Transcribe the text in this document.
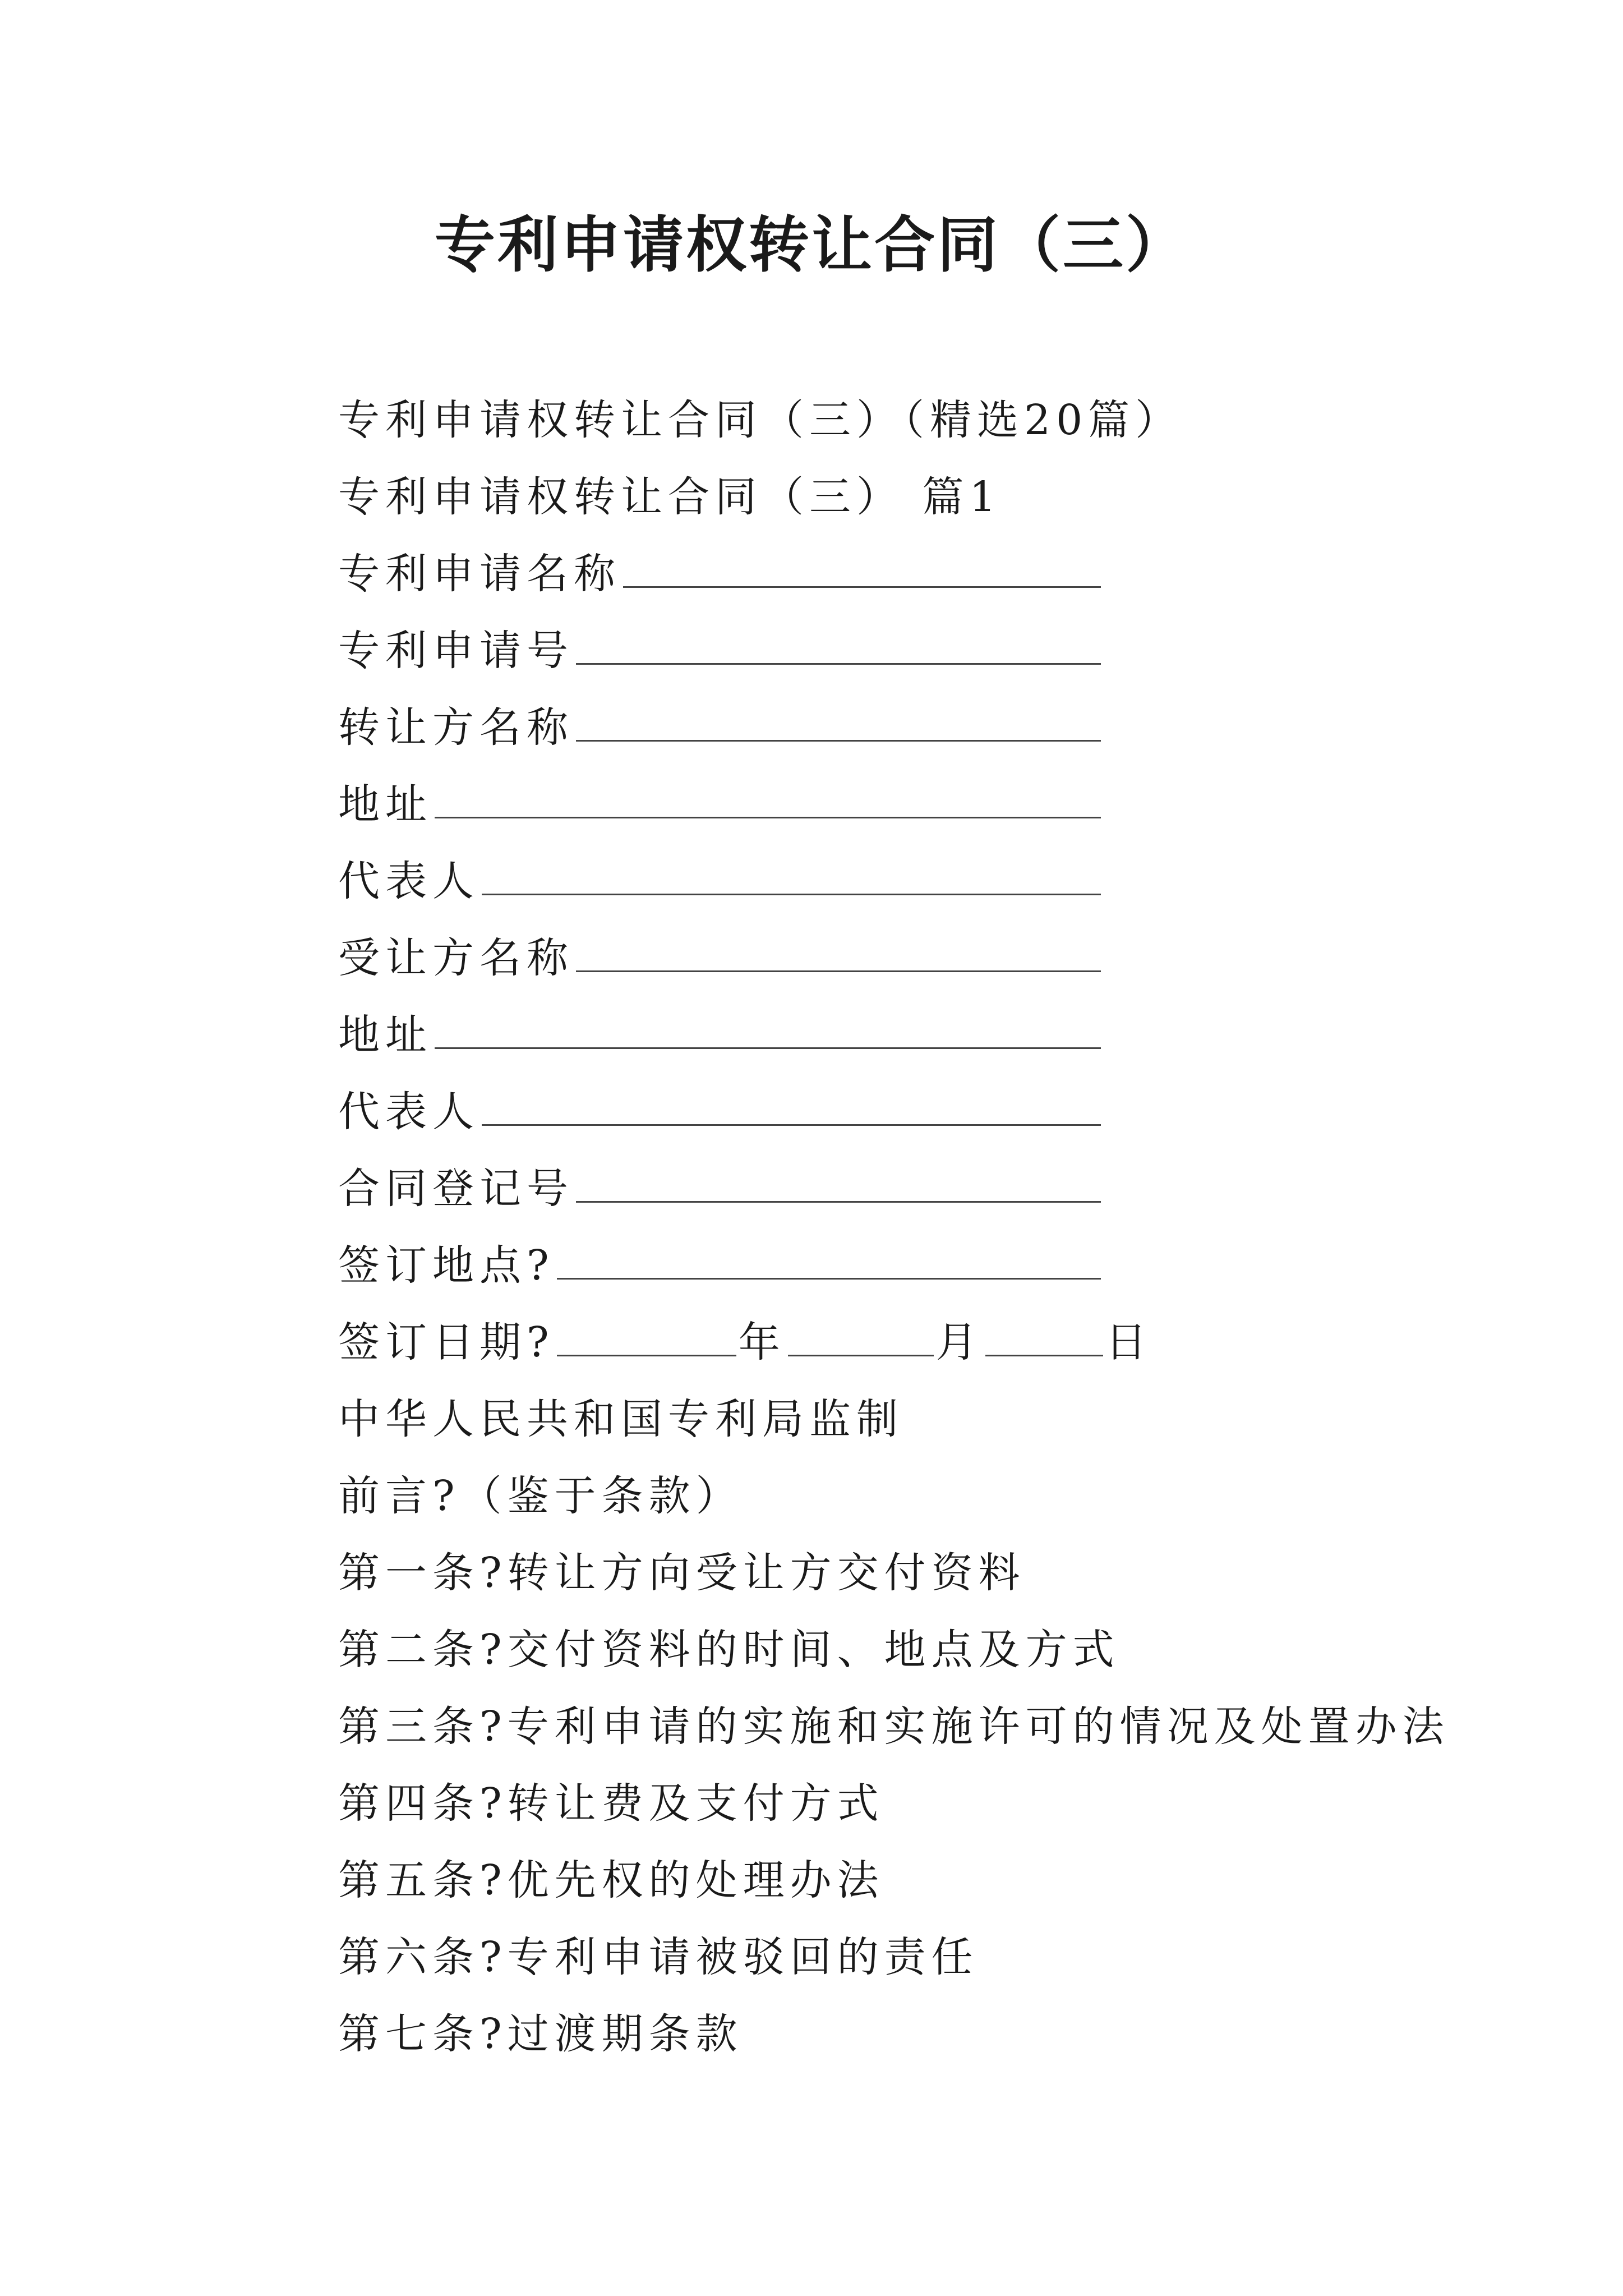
专利申请权转让合同（三）
专利申请权转让合同（三）（精选20篇）
专利申请权转让合同（三） 篇1
专利申请名称
专利申请号
转让方名称
地址
代表人
受让方名称
地址
代表人
合同登记号
签订地点?
签订日期?	年	月	日
中华人民共和国专利局监制
前言?（鉴于条款）
第一条?转让方向受让方交付资料
第二条?交付资料的时间、地点及方式
第三条?专利申请的实施和实施许可的情况及处置办法
第四条?转让费及支付方式
第五条?优先权的处理办法
第六条?专利申请被驳回的责任
第七条?过渡期条款
